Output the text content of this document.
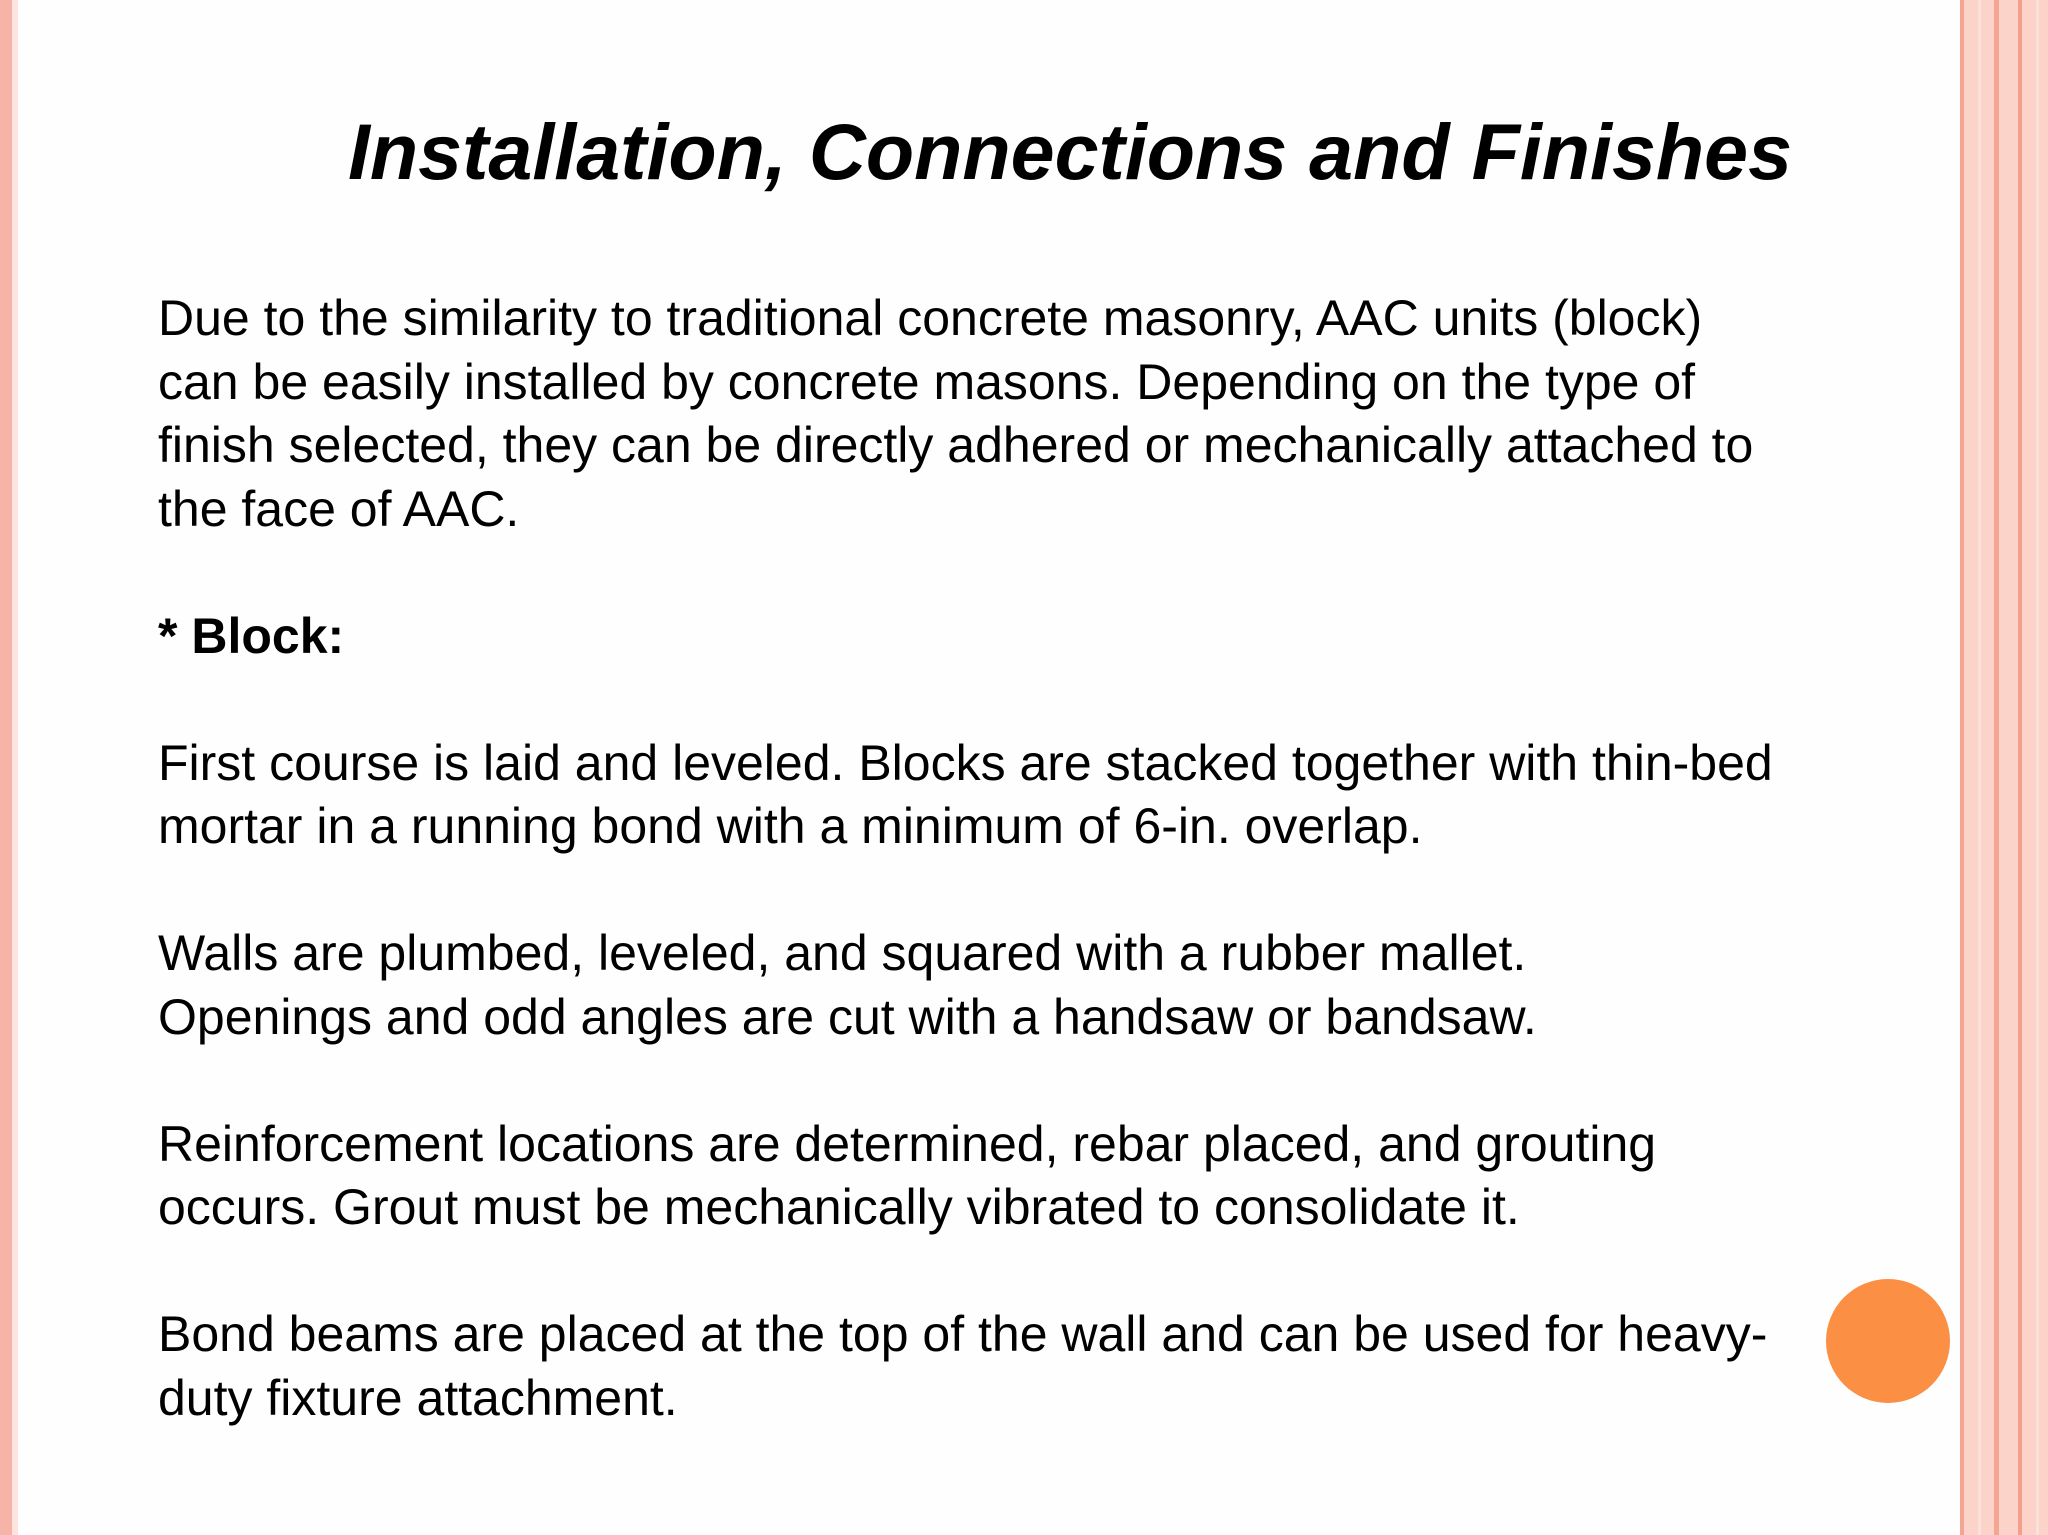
Installation, Connections and Finishes

Due to the similarity to traditional concrete masonry, AAC units (block)

can be easily installed by concrete masons. Depending on the type of

finish selected, they can be directly adhered or mechanically attached to

the face of AAC.

* Block:

First course is laid and leveled. Blocks are stacked together with thin-bed

mortar in a running bond with a minimum of 6-in. overlap.

Walls are plumbed, leveled, and squared with a rubber mallet.

Openings and odd angles are cut with a handsaw or bandsaw.

Reinforcement locations are determined, rebar placed, and grouting

occurs. Grout must be mechanically vibrated to consolidate it.

Bond beams are placed at the top of the wall and can be used for heavy-

duty fixture attachment.
